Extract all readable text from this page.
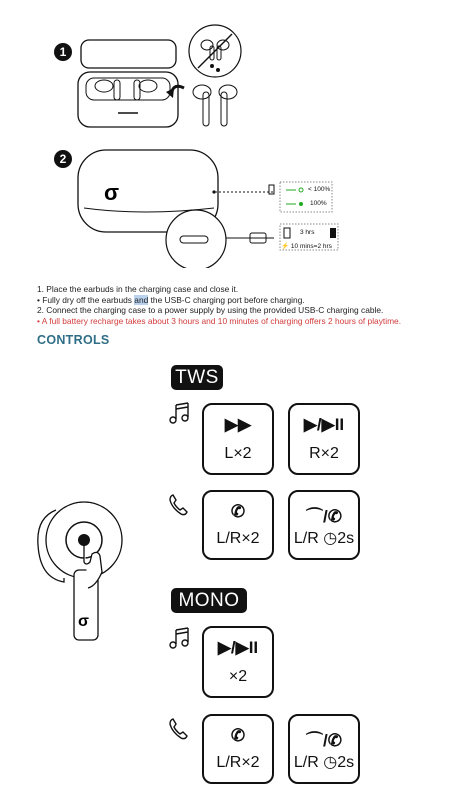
1
2
σ	< 100%
100%
3 hrs
⚡ 10 mins=2 hrs
1. Place the earbuds in the charging case and close it.
• Fully dry off the earbuds and the USB-C charging port before charging.
2. Connect the charging case to a power supply by using the provided USB-C charging cable.
• A full battery recharge takes about 3 hours and 10 minutes of charging offers 2 hours of playtime.
CONTROLS
TWS
▶▶
L×2
▶/▶II
R×2
✆
L/R×2
⌒/✆
L/R ◷2s
σ
MONO
▶/▶II
×2
✆
L/R×2
⌒/✆
L/R ◷2s
